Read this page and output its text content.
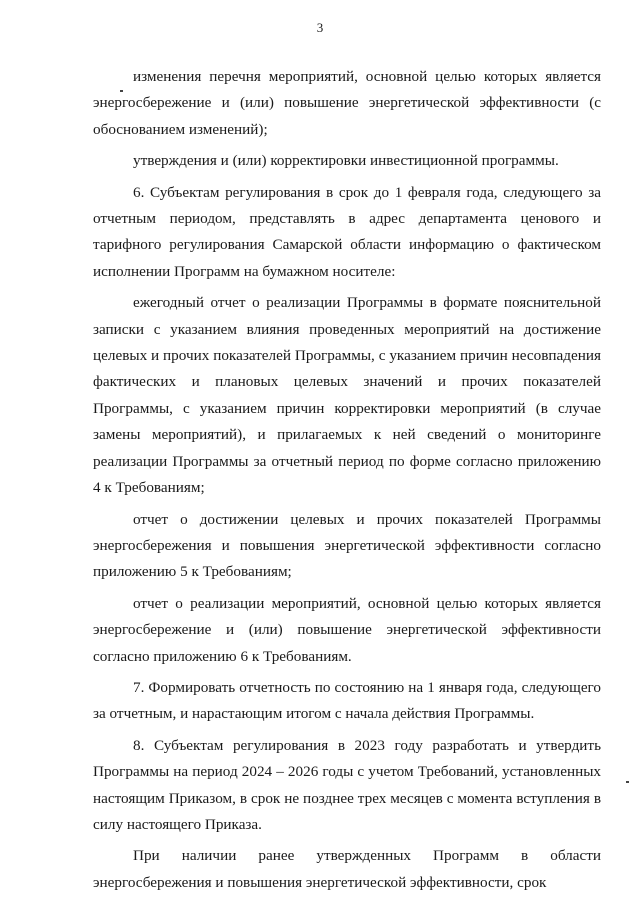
3

изменения перечня мероприятий, основной целью которых является энергосбережение и (или) повышение энергетической эффективности (с обоснованием изменений);

утверждения и (или) корректировки инвестиционной программы.

6. Субъектам регулирования в срок до 1 февраля года, следующего за отчетным периодом, представлять в адрес департамента ценового и тарифного регулирования Самарской области информацию о фактическом исполнении Программ на бумажном носителе:

ежегодный отчет о реализации Программы в формате пояснительной записки с указанием влияния проведенных мероприятий на достижение целевых и прочих показателей Программы, с указанием причин несовпадения фактических и плановых целевых значений и прочих показателей Программы, с указанием причин корректировки мероприятий (в случае замены мероприятий), и прилагаемых к ней сведений о мониторинге реализации Программы за отчетный период по форме согласно приложению 4 к Требованиям;

отчет о достижении целевых и прочих показателей Программы энергосбережения и повышения энергетической эффективности согласно приложению 5 к Требованиям;

отчет о реализации мероприятий, основной целью которых является энергосбережение и (или) повышение энергетической эффективности согласно приложению 6 к Требованиям.

7. Формировать отчетность по состоянию на 1 января года, следующего за отчетным, и нарастающим итогом с начала действия Программы.

8. Субъектам регулирования в 2023 году разработать и утвердить Программы на период 2024 – 2026 годы с учетом Требований, установленных настоящим Приказом, в срок не позднее трех месяцев с момента вступления в силу настоящего Приказа.

При наличии ранее утвержденных Программ в области энергосбережения и повышения энергетической эффективности, срок
